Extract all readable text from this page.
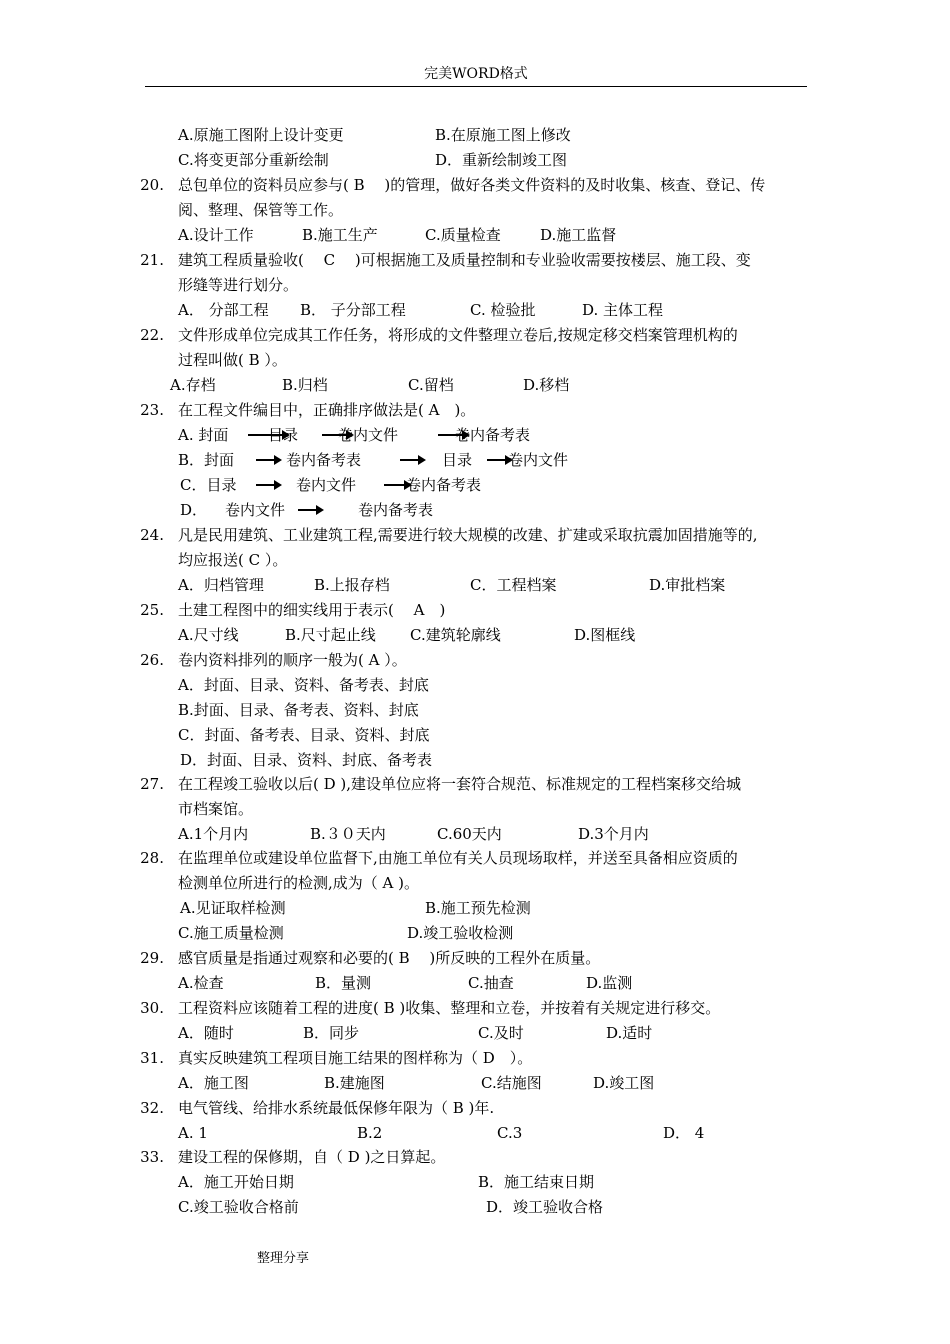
完美WORD格式
A.原施工图附上设计变更	B.在原施工图上修改
C.将变更部分重新绘制	D．重新绘制竣工图
20. 总包单位的资料员应参与( B　 )的管理，做好各类文件资料的及时收集、核查、登记、传
阅、整理、保管等工作。
A.设计工作	B.施工生产	C.质量检查	D.施工监督
21. 建筑工程质量验收(　 C　 )可根据施工及质量控制和专业验收需要按楼层、施工段、变
形缝等进行划分。
A． 分部工程 B． 子分部工程	C. 检验批	D. 主体工程
22. 文件形成单位完成其工作任务，将形成的文件整理立卷后,按规定移交档案管理机构的
过程叫做( B ）。
A.存档	B.归档	C.留档	D.移档
23. 在工程文件编目中，正确排序做法是( A　)。
A. 封面	目录	卷内文件	卷内备考表
B．封面	卷内备考表	目录 卷内文件
C．目录	卷内文件	卷内备考表
D． 卷内文件	卷内备考表
24. 凡是民用建筑、工业建筑工程,需要进行较大规模的改建、扩建或采取抗震加固措施等的,
均应报送( C ）。
A．归档管理	B.上报存档	C．工程档案	D.审批档案
25. 土建工程图中的细实线用于表示(　 A　)
A.尺寸线	B.尺寸起止线 C.建筑轮廓线	D.图框线
26. 卷内资料排列的顺序一般为( A ）。
A．封面、目录、资料、备考表、封底
B.封面、目录、备考表、资料、封底
C．封面、备考表、目录、资料、封底
D．封面、目录、资料、封底、备考表
27. 在工程竣工验收以后( D ),建设单位应将一套符合规范、标准规定的工程档案移交给城
市档案馆。
A.1个月内	B.３０天内	C.60天内	D.3个月内
28. 在监理单位或建设单位监督下,由施工单位有关人员现场取样，并送至具备相应资质的
检测单位所进行的检测,成为（ A )。
A.见证取样检测	B.施工预先检测
C.施工质量检测	D.竣工验收检测
29. 感官质量是指通过观察和必要的( B　 )所反映的工程外在质量。
A.检查	B．量测	C.抽查	D.监测
30. 工程资料应该随着工程的进度( B )收集、整理和立卷，并按着有关规定进行移交。
A．随时	B．同步	C.及时	D.适时
31. 真实反映建筑工程项目施工结果的图样称为（ D　）。
A．施工图	B.建施图	C.结施图	D.竣工图
32. 电气管线、给排水系统最低保修年限为（ B )年.
A. 1	B.2	C.3	D． 4
33. 建设工程的保修期，自（ D )之日算起。
A．施工开始日期	B．施工结束日期
C.竣工验收合格前	D．竣工验收合格
整理分享
